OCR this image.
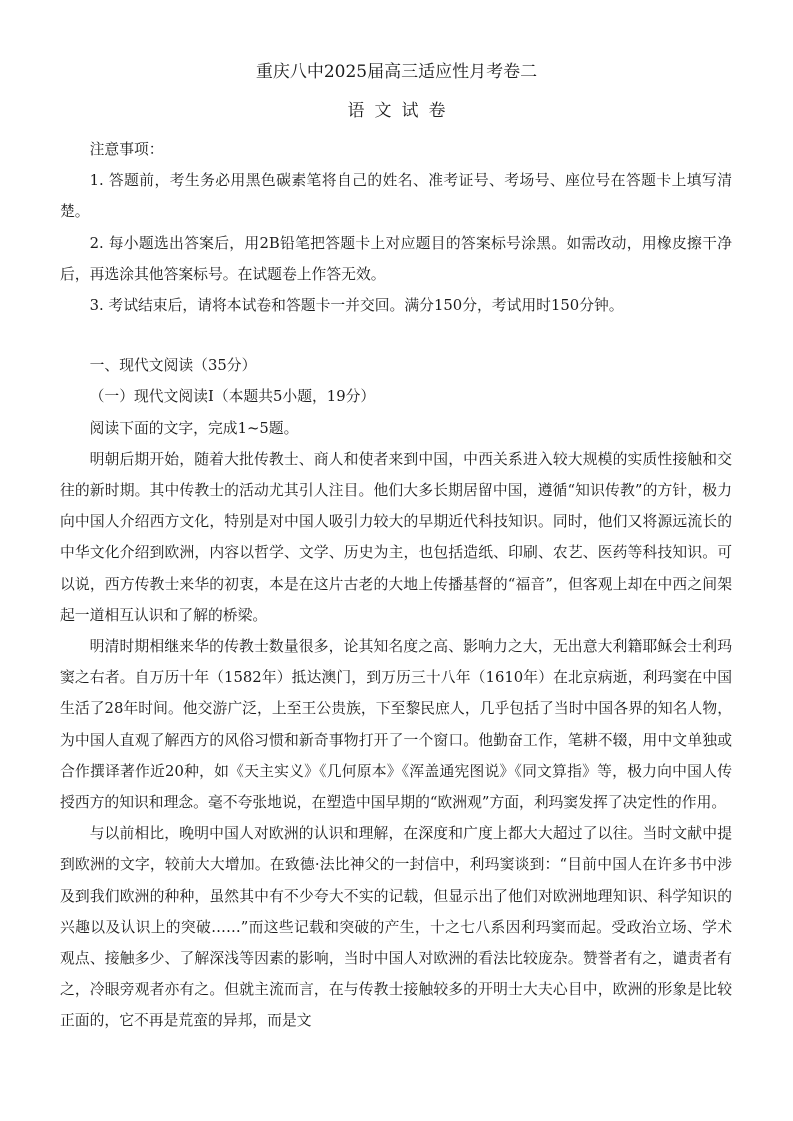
重庆八中2025届高三适应性月考卷二
语文试卷

注意事项：

1. 答题前，考生务必用黑色碳素笔将自己的姓名、准考证号、考场号、座位号在答题卡上填写清楚。

2. 每小题选出答案后，用2B铅笔把答题卡上对应题目的答案标号涂黑。如需改动，用橡皮擦干净后，再选涂其他答案标号。在试题卷上作答无效。

3. 考试结束后，请将本试卷和答题卡一并交回。满分150分，考试用时150分钟。

一、现代文阅读（35分）

（一）现代文阅读Ⅰ（本题共5小题，19分）

阅读下面的文字，完成1~5题。

明朝后期开始，随着大批传教士、商人和使者来到中国，中西关系进入较大规模的实质性接触和交往的新时期。其中传教士的活动尤其引人注目。他们大多长期居留中国，遵循“知识传教”的方针，极力向中国人介绍西方文化，特别是对中国人吸引力较大的早期近代科技知识。同时，他们又将源远流长的中华文化介绍到欧洲，内容以哲学、文学、历史为主，也包括造纸、印刷、农艺、医药等科技知识。可以说，西方传教士来华的初衷，本是在这片古老的大地上传播基督的“福音”，但客观上却在中西之间架起一道相互认识和了解的桥梁。

明清时期相继来华的传教士数量很多，论其知名度之高、影响力之大，无出意大利籍耶稣会士利玛窦之右者。自万历十年（1582年）抵达澳门，到万历三十八年（1610年）在北京病逝，利玛窦在中国生活了28年时间。他交游广泛，上至王公贵族，下至黎民庶人，几乎包括了当时中国各界的知名人物，为中国人直观了解西方的风俗习惯和新奇事物打开了一个窗口。他勤奋工作，笔耕不辍，用中文单独或合作撰译著作近20种，如《天主实义》《几何原本》《浑盖通宪图说》《同文算指》等，极力向中国人传授西方的知识和理念。毫不夸张地说，在塑造中国早期的“欧洲观”方面，利玛窦发挥了决定性的作用。

与以前相比，晚明中国人对欧洲的认识和理解，在深度和广度上都大大超过了以往。当时文献中提到欧洲的文字，较前大大增加。在致德·法比神父的一封信中，利玛窦谈到：“目前中国人在许多书中涉及到我们欧洲的种种，虽然其中有不少夸大不实的记载，但显示出了他们对欧洲地理知识、科学知识的兴趣以及认识上的突破……”而这些记载和突破的产生，十之七八系因利玛窦而起。受政治立场、学术观点、接触多少、了解深浅等因素的影响，当时中国人对欧洲的看法比较庞杂。赞誉者有之，谴责者有之，冷眼旁观者亦有之。但就主流而言，在与传教士接触较多的开明士大夫心目中，欧洲的形象是比较正面的，它不再是荒蛮的异邦，而是文
